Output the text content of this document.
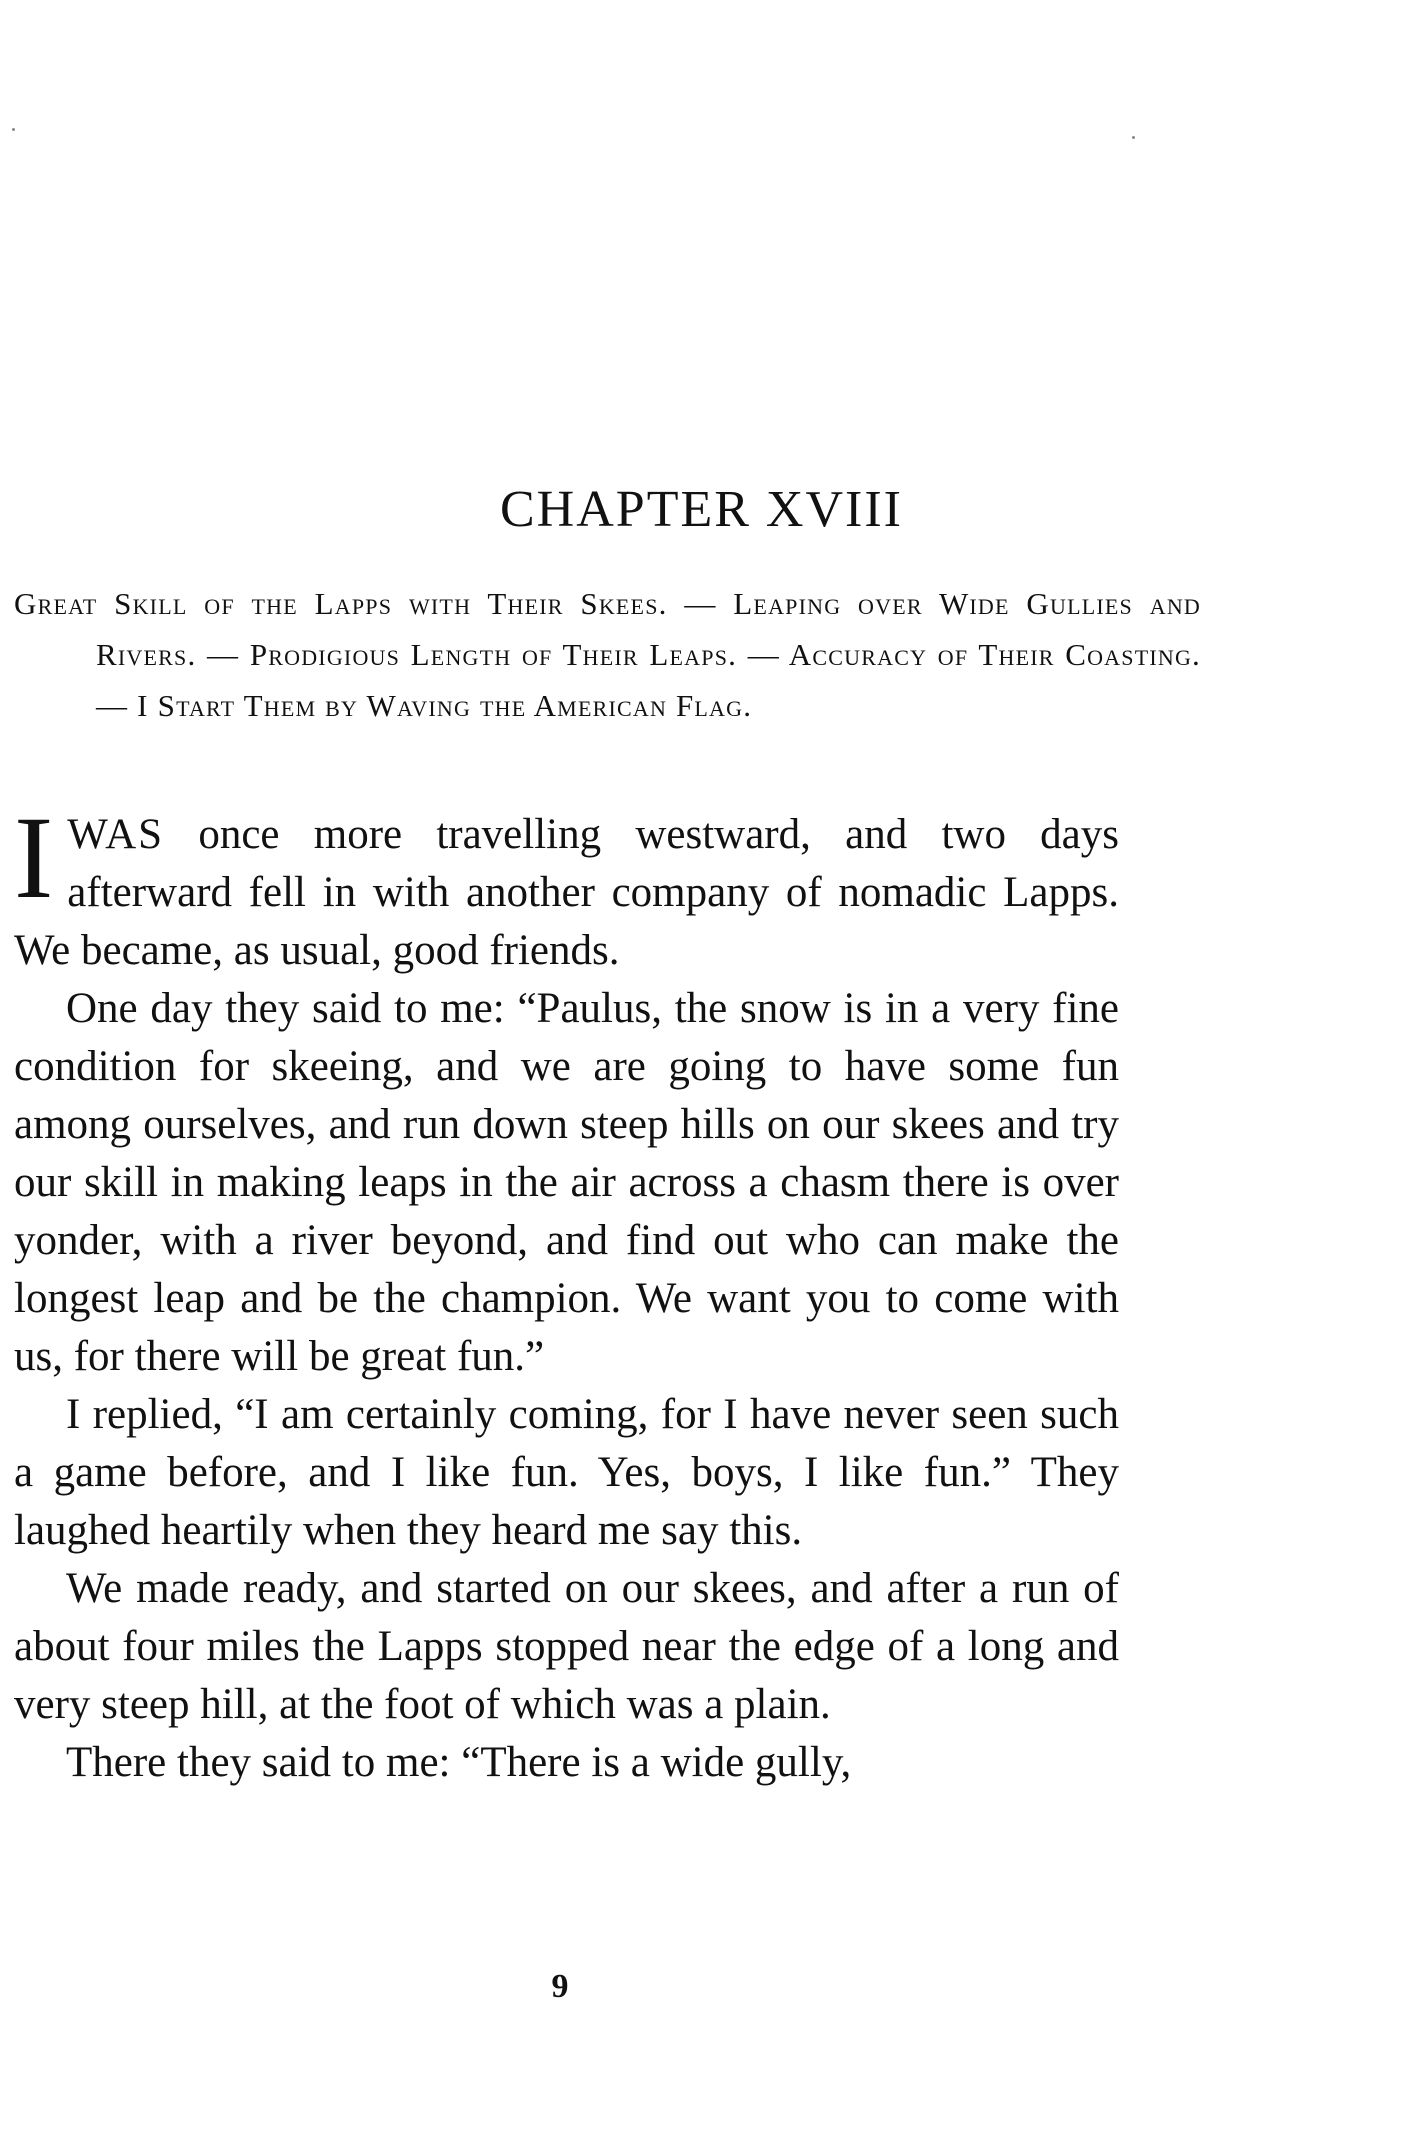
CHAPTER XVIII

Great Skill of the Lapps with Their Skees. — Leaping over Wide Gullies and Rivers. — Prodigious Length of Their Leaps. — Accuracy of Their Coasting. — I Start Them by Waving the American Flag.

IWAS once more travelling westward, and two days afterward fell in with another company of nomadic Lapps. We became, as usual, good friends.

One day they said to me: “Paulus, the snow is in a very fine condition for skeeing, and we are going to have some fun among ourselves, and run down steep hills on our skees and try our skill in making leaps in the air across a chasm there is over yonder, with a river beyond, and find out who can make the longest leap and be the champion. We want you to come with us, for there will be great fun.”

I replied, “I am certainly coming, for I have never seen such a game before, and I like fun. Yes, boys, I like fun.” They laughed heartily when they heard me say this.

We made ready, and started on our skees, and after a run of about four miles the Lapps stopped near the edge of a long and very steep hill, at the foot of which was a plain.

There they said to me: “There is a wide gully,

9
